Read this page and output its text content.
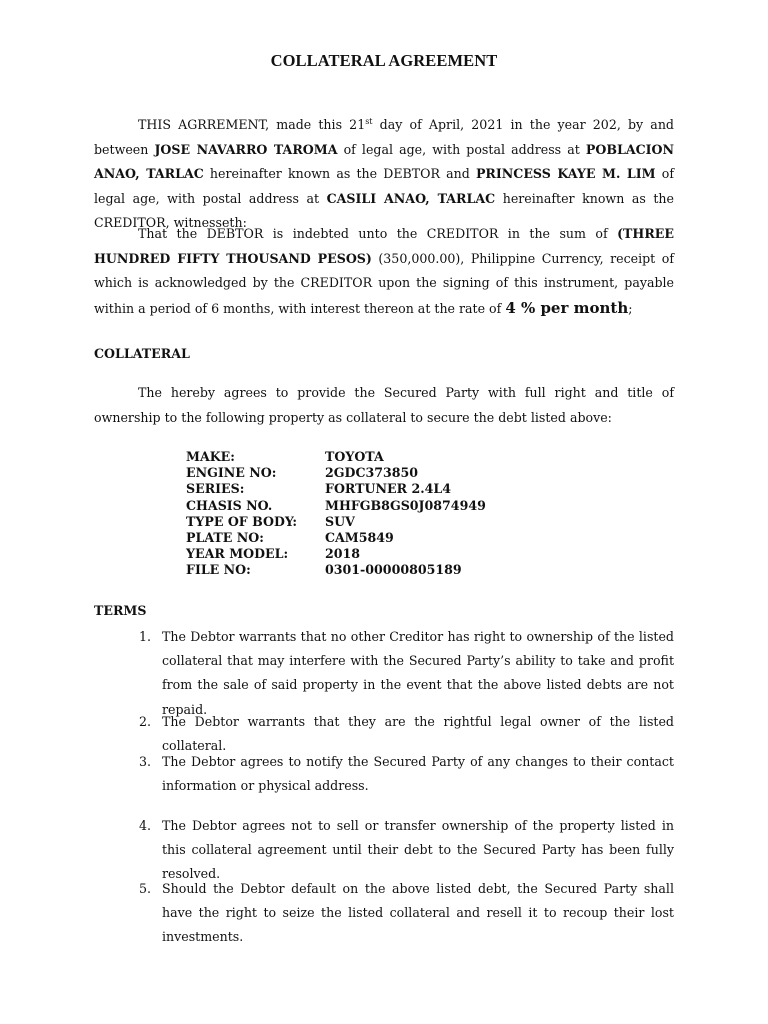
COLLATERAL AGREEMENT
THIS AGRREMENT, made this 21st day of April, 2021 in the year 202, by and between JOSE NAVARRO TAROMA of legal age, with postal address at POBLACION ANAO, TARLAC hereinafter known as the DEBTOR and PRINCESS KAYE M. LIM of legal age, with postal address at CASILI ANAO, TARLAC hereinafter known as the CREDITOR, witnesseth:
That the DEBTOR is indebted unto the CREDITOR in the sum of (THREE HUNDRED FIFTY THOUSAND PESOS) (350,000.00), Philippine Currency, receipt of which is acknowledged by the CREDITOR upon the signing of this instrument, payable within a period of 6 months, with interest thereon at the rate of 4 % per month;
COLLATERAL
The hereby agrees to provide the Secured Party with full right and title of ownership to the following property as collateral to secure the debt listed above:
MAKE:	TOYOTA
ENGINE NO:	2GDC373850
SERIES:	FORTUNER 2.4L4
CHASIS NO.	MHFGB8GS0J0874949
TYPE OF BODY:	SUV
PLATE NO:	CAM5849
YEAR MODEL:	2018
FILE NO:	0301-00000805189
TERMS
1. The Debtor warrants that no other Creditor has right to ownership of the listed collateral that may interfere with the Secured Party’s ability to take and profit from the sale of said property in the event that the above listed debts are not repaid.
2. The Debtor warrants that they are the rightful legal owner of the listed collateral.
3. The Debtor agrees to notify the Secured Party of any changes to their contact information or physical address.
4. The Debtor agrees not to sell or transfer ownership of the property listed in this collateral agreement until their debt to the Secured Party has been fully resolved.
5. Should the Debtor default on the above listed debt, the Secured Party shall have the right to seize the listed collateral and resell it to recoup their lost investments.
